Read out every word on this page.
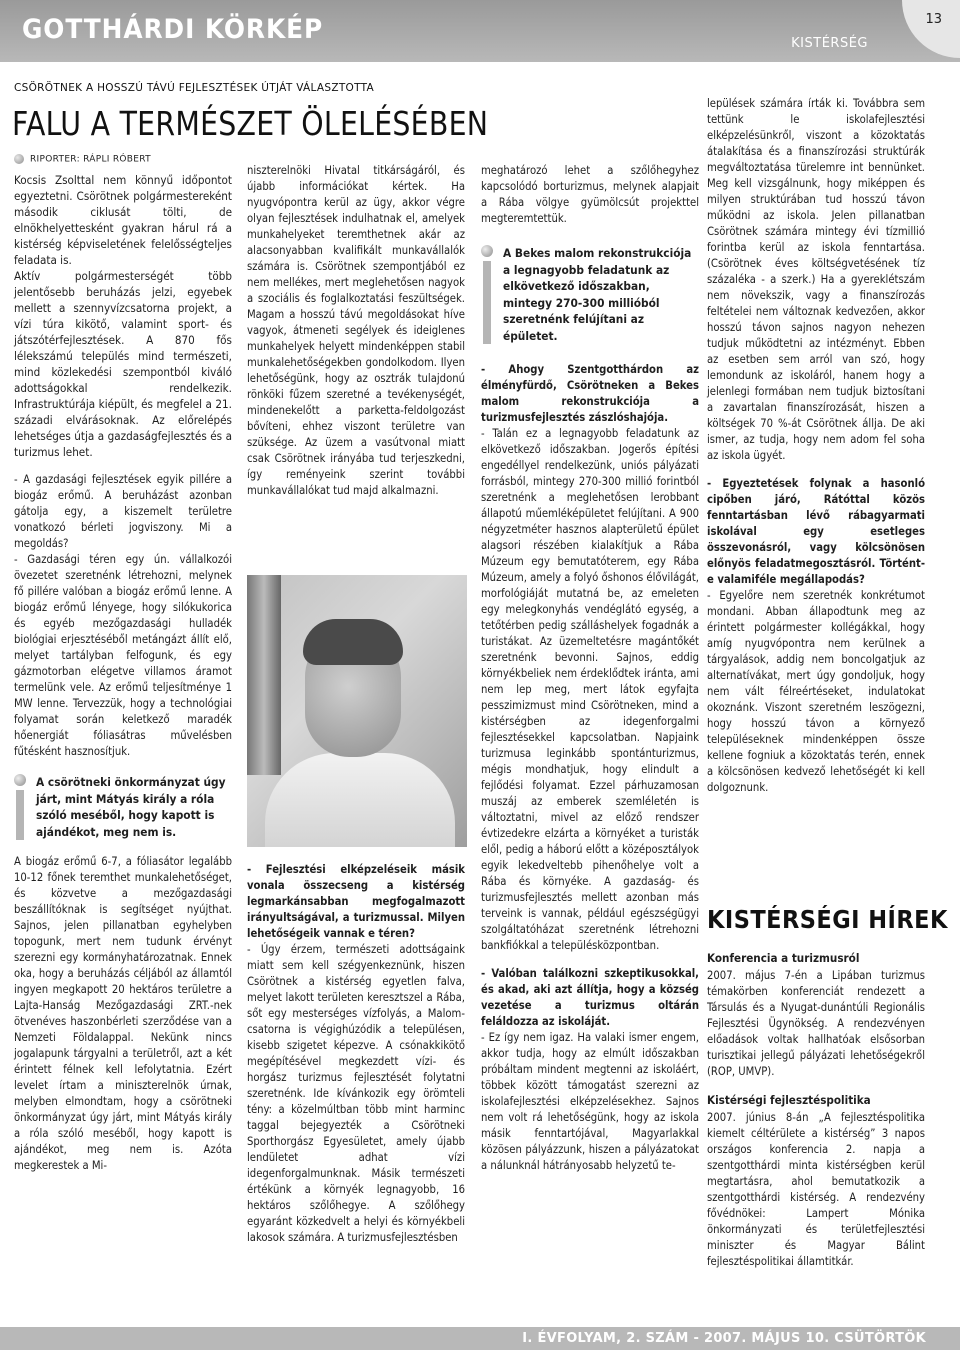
GOTTHÁRDI KÖRKÉP	KISTÉRSÉG
13
CSÖRÖTNEK A HOSSZÚ TÁVÚ FEJLESZTÉSEK ÚTJÁT VÁLASZTOTTA
FALU A TERMÉSZET ÖLELÉSÉBEN
RIPORTER: RÁPLI RÓBERT

Kocsis Zsolttal nem könnyű időpontot egyeztetni. Csörötnek polgármestereként második ciklusát tölti, de elnökhelyettesként gyakran hárul rá a kistérség képviseletének felelősségteljes feladata is.

Aktív polgármesterségét több jelentősebb beruházás jelzi, egyebek mellett a szennyvízcsatorna projekt, a vízi túra kikötő, valamint sport- és játszótérfejlesztések. A 870 fős lélekszámú település mind természeti, mind közlekedési szempontból kiváló adottságokkal rendelkezik. Infrastruktúrája kiépült, és megfelel a 21. századi elvárásoknak. Az előrelépés lehetséges útja a gazdaságfejlesztés és a turizmus lehet.

- A gazdasági fejlesztések egyik pillére a biogáz erőmű. A beruházást azonban gátolja egy, a kiszemelt területre vonatkozó bérleti jogviszony. Mi a megoldás?

- Gazdasági téren egy ún. vállalkozói övezetet szeretnénk létrehozni, melynek fő pillére valóban a biogáz erőmű lenne. A biogáz erőmű lényege, hogy silókukorica és egyéb mezőgazdasági hulladék biológiai erjesztéséből metángázt állít elő, melyet tartályban felfogunk, és egy gázmotorban elégetve villamos áramot termelünk vele. Az erőmű teljesítménye 1 MW lenne. Tervezzük, hogy a technológiai folyamat során keletkező maradék hőenergiát fóliasátras művelésben fűtésként hasznosítjuk.

A csörötneki önkormányzat úgy járt, mint Mátyás király a róla szóló meséből, hogy kapott is ajándékot, meg nem is.

A biogáz erőmű 6-7, a fóliasátor legalább 10-12 főnek teremthet munkalehetőséget, és közvetve a mezőgazdasági beszállítóknak is segítséget nyújthat. Sajnos, jelen pillanatban egyhelyben topogunk, mert nem tudunk érvényt szerezni egy kormányhatározatnak. Ennek oka, hogy a beruházás céljából az államtól ingyen megkapott 20 hektáros területre a Lajta-Hanság Mezőgazdasági ZRT.-nek ötvenéves haszonbérleti szerződése van a Nemzeti Földalappal. Nekünk nincs jogalapunk tárgyalni a területről, azt a két érintett félnek kell lefolytatnia. Ezért levelet írtam a miniszterelnök úrnak, melyben elmondtam, hogy a csörötneki önkormányzat úgy járt, mint Mátyás király a róla szóló meséből, hogy kapott is ajándékot, meg nem is. Azóta megkerestek a Mi-

niszterelnöki Hivatal titkárságáról, és újabb információkat kértek. Ha nyugvópontra kerül az ügy, akkor végre olyan fejlesztések indulhatnak el, amelyek munkahelyeket teremthetnek akár az alacsonyabban kvalifikált munkavállalók számára is. Csörötnek szempontjából ez nem mellékes, mert meglehetősen nagyok a szociális és foglalkoztatási feszültségek. Magam a hosszú távú megoldásokat híve vagyok, átmeneti segélyek és ideiglenes munkahelyek helyett mindenképpen stabil munkalehetőségekben gondolkodom. Ilyen lehetőségünk, hogy az osztrák tulajdonú rönköki fűzem szeretné a tevékenységét, mindenekelőtt a parketta-feldolgozást bővíteni, ehhez viszont területre van szüksége. Az üzem a vasútvonal miatt csak Csörötnek irányába tud terjeszkedni, így reményeink szerint további munkavállalókat tud majd alkalmazni.

- Fejlesztési elképzeléseik másik vonala összecseng a kistérség legmarkánsabban megfogalmazott irányultságával, a turizmussal. Milyen lehetőségeik vannak e téren?

- Úgy érzem, természeti adottságaink miatt sem kell szégyenkeznünk, hiszen Csörötnek a kistérség egyetlen falva, melyet lakott területen keresztszel a Rába, sőt egy mesterséges vízfolyás, a Malom-csatorna is végighúzódik a településen, kisebb szigetet képezve. A csónakkikötő megépítésével megkezdett vízi- és horgász turizmus fejlesztését folytatni szeretnénk. Ide kívánkozik egy örömteli tény: a közelmúltban több mint harminc taggal bejegyezték a Csörötneki Sporthorgász Egyesületet, amely újabb lendületet adhat vízi idegenforgalmunknak. Másik természeti értékünk a környék legnagyobb, 16 hektáros szőlőhegye. A szőlőhegy egyaránt közkedvelt a helyi és környékbeli lakosok számára. A turizmusfejlesztésben

meghatározó lehet a szőlőhegyhez kapcsolódó borturizmus, melynek alapjait a Rába völgye gyümölcsút projekttel megteremtettük.

A Bekes malom rekonstrukciója a legnagyobb feladatunk az elkövetkező időszakban, mintegy 270-300 millióból szeretnénk felújítani az épületet.

- Ahogy Szentgotthárdon az élményfürdő, Csörötneken a Bekes malom rekonstrukciója a turizmusfejlesztés zászlóshajója.

- Talán ez a legnagyobb feladatunk az elkövetkező időszakban. Jogerős építési engedéllyel rendelkezünk, uniós pályázati forrásból, mintegy 270-300 millió forintból szeretnénk a meglehetősen lerobbant állapotú műemléképületet felújítani. A 900 négyzetméter hasznos alapterületű épület alagsori részében kialakítjuk a Rába Múzeum egy bemutatóterem, egy Rába Múzeum, amely a folyó őshonos élővilágát, morfológiáját mutatná be, az emeleten egy melegkonyhás vendéglátó egység, a tetőtérben pedig szálláshelyek fogadnák a turistákat. Az üzemeltetésre magántőkét szeretnénk bevonni. Sajnos, eddig környékbeliek nem érdeklődtek iránta, ami nem lep meg, mert látok egyfajta pesszimizmust mind Csörötneken, mind a kistérségben az idegenforgalmi fejlesztésekkel kapcsolatban. Napjaink turizmusa leginkább spontánturizmus, mégis mondhatjuk, hogy elindult a fejlődési folyamat. Ezzel párhuzamosan muszáj az emberek szemléletén is változtatni, mivel az előző rendszer évtizedekre elzárta a környéket a turisták elől, pedig a háború előtt a középosztályok egyik lekedveltebb pihenőhelye volt a Rába és környéke. A gazdaság- és turizmusfejlesztés mellett azonban más terveink is vannak, például egészségügyi szolgáltatóházat szeretnénk létrehozni bankfiókkal a településközpontban.

- Valóban találkozni szkeptikusokkal, és akad, aki azt állítja, hogy a község vezetése a turizmus oltárán feláldozza az iskoláját.

- Ez így nem igaz. Ha valaki ismer engem, akkor tudja, hogy az elmúlt időszakban próbáltam mindent megtenni az iskoláért, többek között támogatást szerezni az iskolafejlesztési elképzelésekhez. Sajnos nem volt rá lehetőségünk, hogy az iskola másik fenntartójával, Magyarlakkal közösen pályázzunk, hiszen a pályázatokat a nálunknál hátrányosabb helyzetű te-

lepülések számára írták ki. Továbbra sem tettünk le iskolafejlesztési elképzelésünkről, viszont a közoktatás átalakítása és a finanszírozási struktúrák megváltoztatása türelemre int bennünket. Meg kell vizsgálnunk, hogy miképpen és milyen struktúrában tud hosszú távon működni az iskola. Jelen pillanatban Csörötnek számára mintegy évi tízmillió forintba kerül az iskola fenntartása. (Csörötnek éves költségvetésének tíz százaléka - a szerk.) Ha a gyereklétszám nem növekszik, vagy a finanszírozás feltételei nem változnak kedvezően, akkor hosszú távon sajnos nagyon nehezen tudjuk működtetni az intézményt. Ebben az esetben sem arról van szó, hogy lemondunk az iskoláról, hanem hogy a jelenlegi formában nem tudjuk biztosítani a zavartalan finanszírozását, hiszen a költségek 70 %-át Csörötnek állja. De aki ismer, az tudja, hogy nem adom fel soha az iskola ügyét.

- Egyeztetések folynak a hasonló cipőben járó, Rátóttal közös fenntartásban lévő rábagyarmati iskolával egy esetleges összevonásról, vagy kölcsönösen előnyös feladatmegosztásról. Történt-e valamiféle megállapodás?

- Egyelőre nem szeretnék konkrétumot mondani. Abban állapodtunk meg az érintett polgármester kollégákkal, hogy amíg nyugvópontra nem kerülnek a tárgyalások, addig nem boncolgatjuk az alternatívákat, mert úgy gondoljuk, hogy nem vált félreértéseket, indulatokat okoznánk. Viszont szeretném leszögezni, hogy hosszú távon a környező településeknek mindenképpen össze kellene fogniuk a közoktatás terén, ennek a kölcsönösen kedvező lehetőségét ki kell dolgoznunk.

KISTÉRSÉGI HÍREK
Konferencia a turizmusról

2007. május 7-én a Lipában turizmus témakörben konferenciát rendezett a Társulás és a Nyugat-dunántúli Regionális Fejlesztési Ügynökség. A rendezvényen előadások voltak hallhatóak elsősorban turisztikai jellegű pályázati lehetőségekről (ROP, UMVP).

Kistérségi fejlesztéspolitika

2007. június 8-án „A fejlesztéspolitika kiemelt céltérülete a kistérség” 3 napos országos konferencia 2. napja a szentgotthárdi minta kistérségben kerül megtartásra, ahol bemutatkozik a szentgotthárdi kistérség. A rendezvény fővédnökei: Lampert Mónika önkormányzati és területfejlesztési miniszter és Magyar Bálint fejlesztéspolitikai államtitkár.

I. ÉVFOLYAM, 2. SZÁM - 2007. MÁJUS 10. CSÜTÖRTÖK
